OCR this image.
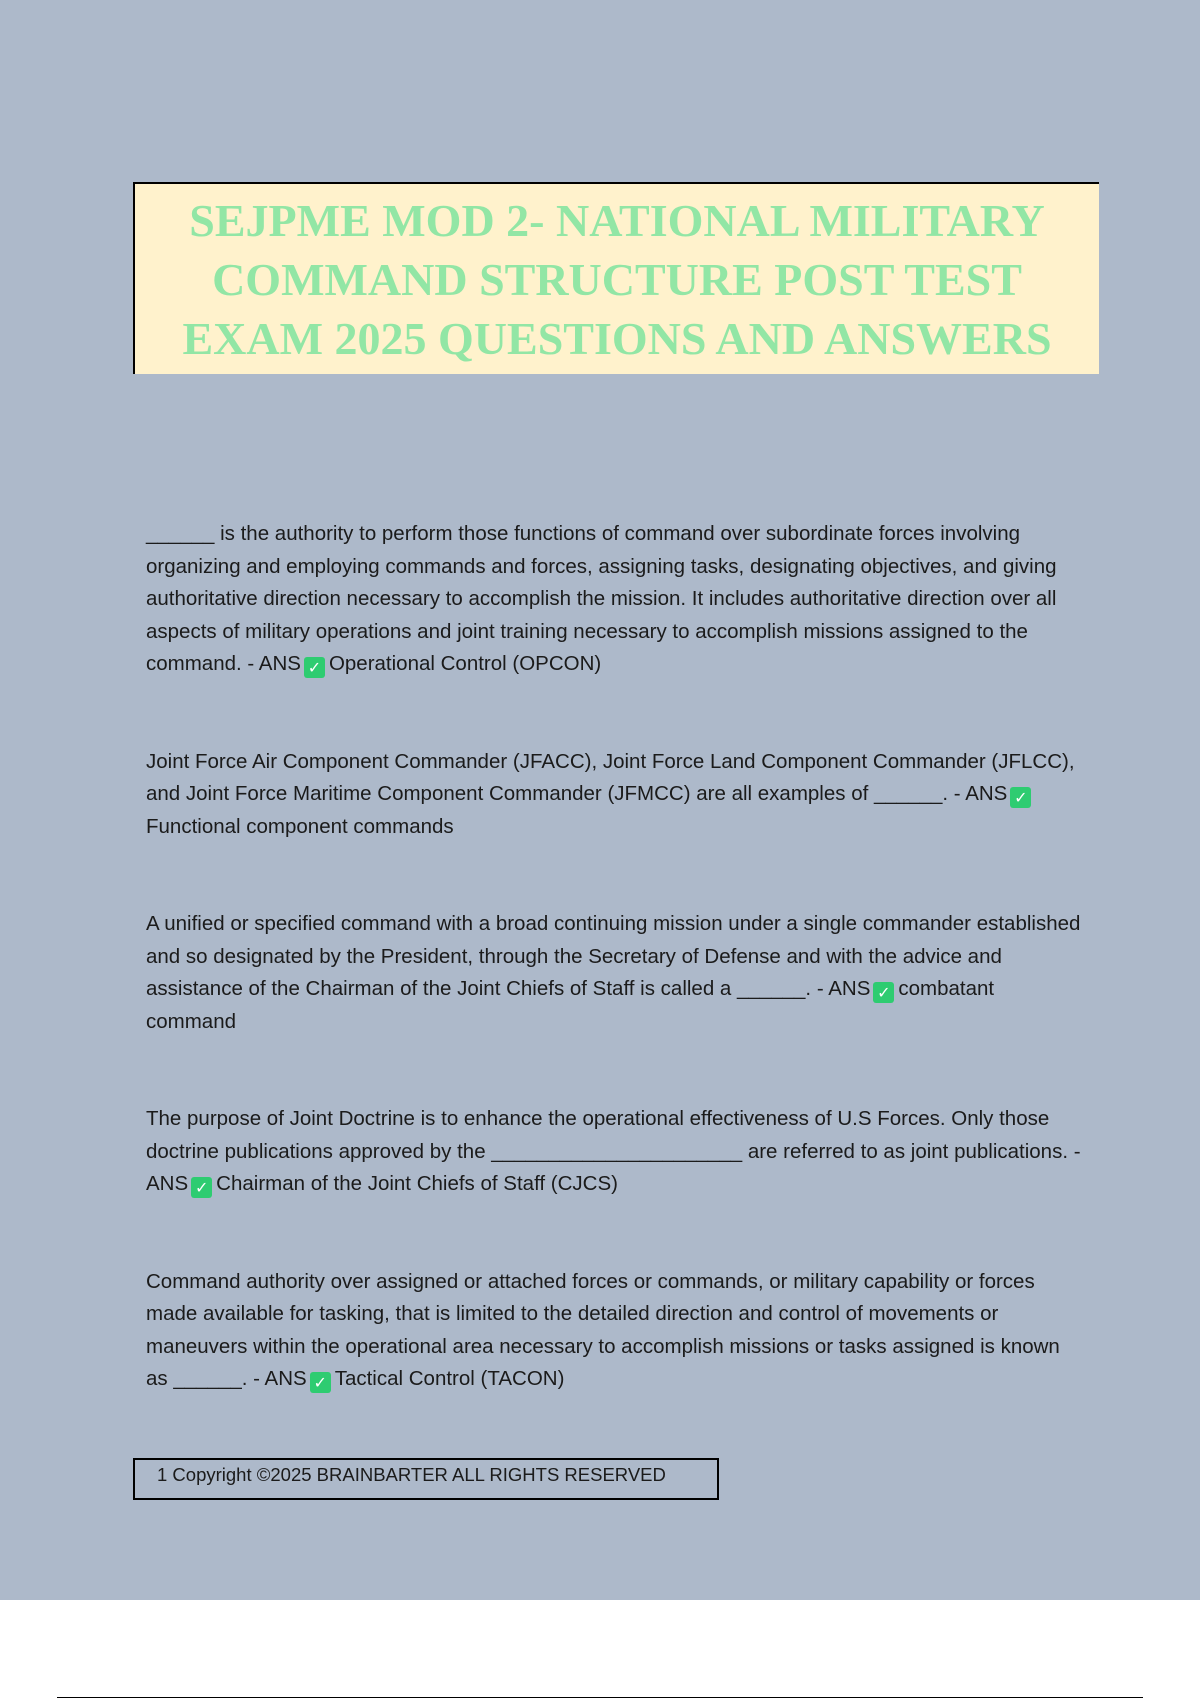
SEJPME MOD 2- NATIONAL MILITARY COMMAND STRUCTURE POST TEST EXAM 2025 QUESTIONS AND ANSWERS
______ is the authority to perform those functions of command over subordinate forces involving organizing and employing commands and forces, assigning tasks, designating objectives, and giving authoritative direction necessary to accomplish the mission. It includes authoritative direction over all aspects of military operations and joint training necessary to accomplish missions assigned to the command. - ANS ✓ Operational Control (OPCON)
Joint Force Air Component Commander (JFACC), Joint Force Land Component Commander (JFLCC), and Joint Force Maritime Component Commander (JFMCC) are all examples of ______. - ANS ✓Functional component commands
A unified or specified command with a broad continuing mission under a single commander established and so designated by the President, through the Secretary of Defense and with the advice and assistance of the Chairman of the Joint Chiefs of Staff is called a ______. - ANS ✓ combatant command
The purpose of Joint Doctrine is to enhance the operational effectiveness of U.S Forces. Only those doctrine publications approved by the ______________________ are referred to as joint publications. - ANS ✓ Chairman of the Joint Chiefs of Staff (CJCS)
Command authority over assigned or attached forces or commands, or military capability or forces made available for tasking, that is limited to the detailed direction and control of movements or maneuvers within the operational area necessary to accomplish missions or tasks assigned is known as ______. - ANS ✓ Tactical Control (TACON)
1 Copyright ©2025 BRAINBARTER ALL RIGHTS RESERVED
